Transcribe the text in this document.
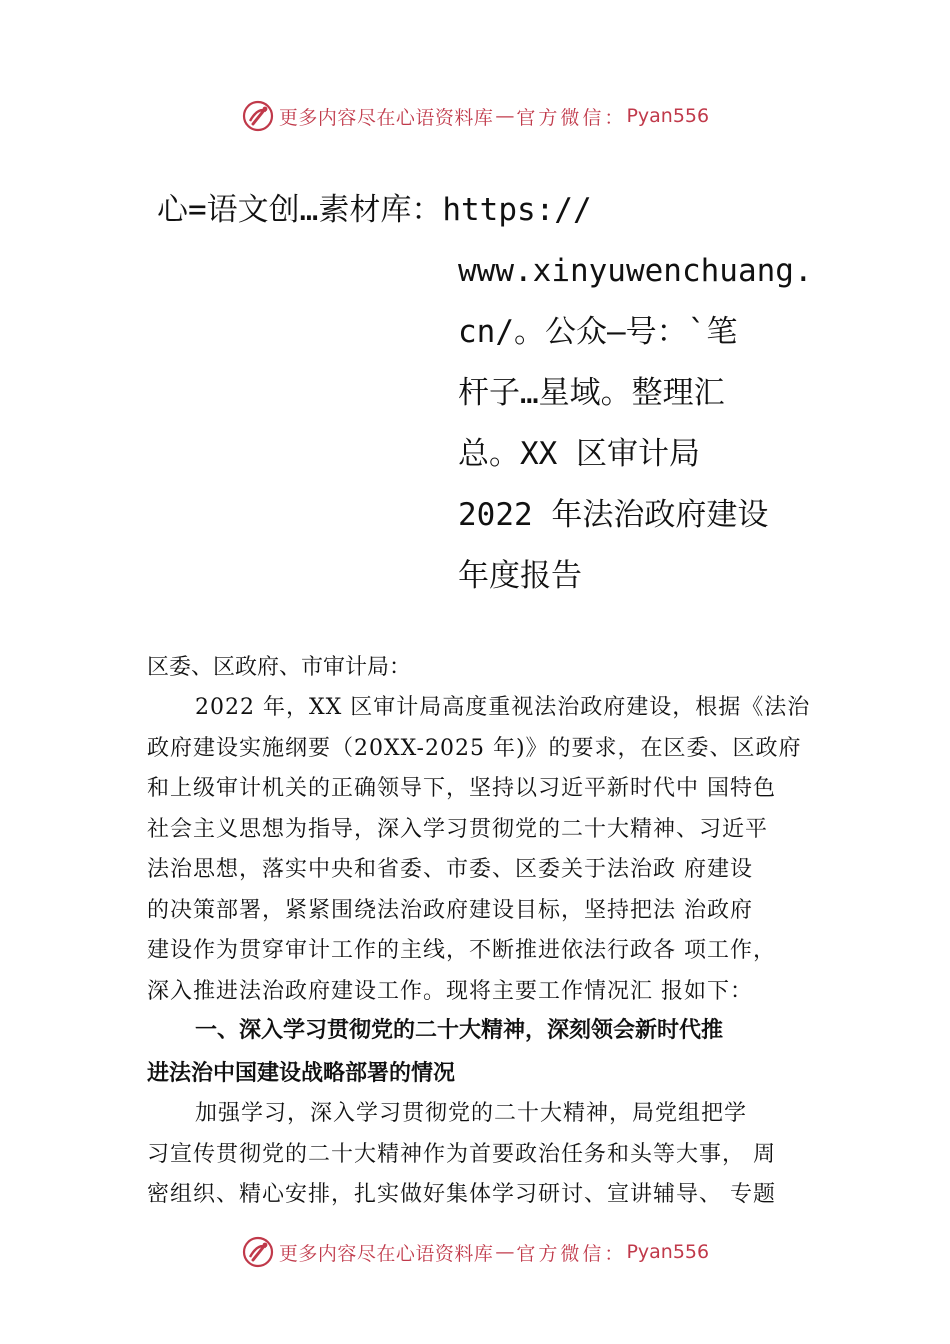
更多内容尽在心语资料库 — 官方微信： Pyan556
心=语文创…素材库：https://
www.xinyuwenchuang.
cn/。公众—号：`笔
杆子…星域。整理汇
总。XX 区审计局
2022 年法治政府建设
年度报告
区委、区政府、市审计局：
2022 年，XX 区审计局高度重视法治政府建设，根据《法治
政府建设实施纲要（20XX-2025 年)》的要求，在区委、区政府
和上级审计机关的正确领导下，坚持以习近平新时代中 国特色
社会主义思想为指导，深入学习贯彻党的二十大精神、习近平
法治思想，落实中央和省委、市委、区委关于法治政 府建设
的决策部署，紧紧围绕法治政府建设目标，坚持把法 治政府
建设作为贯穿审计工作的主线，不断推进依法行政各 项工作，
深入推进法治政府建设工作。现将主要工作情况汇 报如下：
一、深入学习贯彻党的二十大精神，深刻领会新时代推
进法治中国建设战略部署的情况
加强学习，深入学习贯彻党的二十大精神，局党组把学
习宣传贯彻党的二十大精神作为首要政治任务和头等大事， 周
密组织、精心安排，扎实做好集体学习研讨、宣讲辅导、 专题
更多内容尽在心语资料库 — 官方微信： Pyan556
